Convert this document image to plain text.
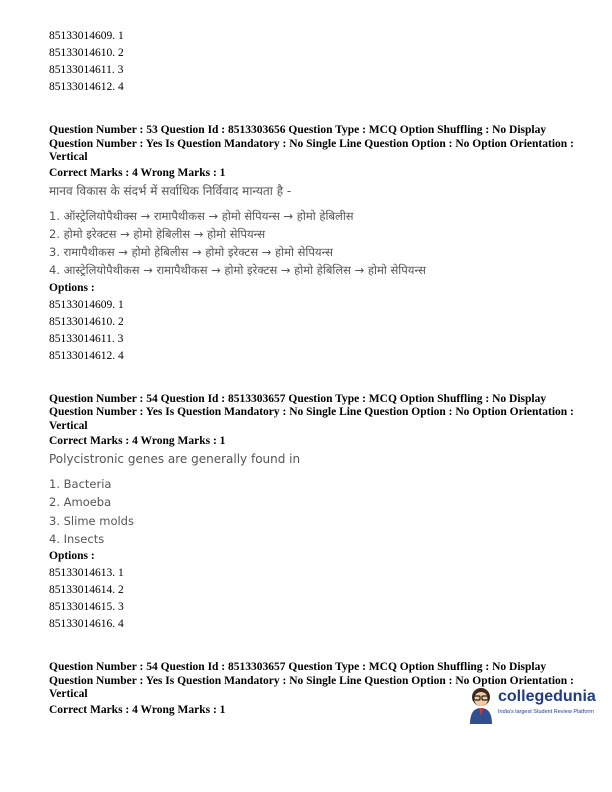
85133014609. 1
85133014610. 2
85133014611. 3
85133014612. 4
Question Number : 53 Question Id : 8513303656 Question Type : MCQ Option Shuffling : No Display Question Number : Yes Is Question Mandatory : No Single Line Question Option : No Option Orientation : Vertical
Correct Marks : 4 Wrong Marks : 1
मानव विकास के संदर्भ में सर्वाधिक निर्विवाद मान्यता है -
1. ऑस्ट्रेलियोपैथीक्स → रामापैथीकस → होमो सेपियन्स → होमो हेबिलीस
2. होमो इरेक्टस → होमो हेबिलीस → होमो सेपियन्स
3. रामापैथीकस → होमो हेबिलीस → होमो इरेक्टस → होमो सेपियन्स
4. आस्ट्रेलियोपैथीकस → रामापैथीकस → होमो इरेक्टस → होमो हेबिलिस → होमो सेपियन्स
Options :
85133014609. 1
85133014610. 2
85133014611. 3
85133014612. 4
Question Number : 54 Question Id : 8513303657 Question Type : MCQ Option Shuffling : No Display Question Number : Yes Is Question Mandatory : No Single Line Question Option : No Option Orientation : Vertical
Correct Marks : 4 Wrong Marks : 1
Polycistronic genes are generally found in
1. Bacteria
2. Amoeba
3. Slime molds
4. Insects
Options :
85133014613. 1
85133014614. 2
85133014615. 3
85133014616. 4
Question Number : 54 Question Id : 8513303657 Question Type : MCQ Option Shuffling : No Display Question Number : Yes Is Question Mandatory : No Single Line Question Option : No Option Orientation : Vertical
Correct Marks : 4 Wrong Marks : 1
collegedunia
India's largest Student Review Platform
